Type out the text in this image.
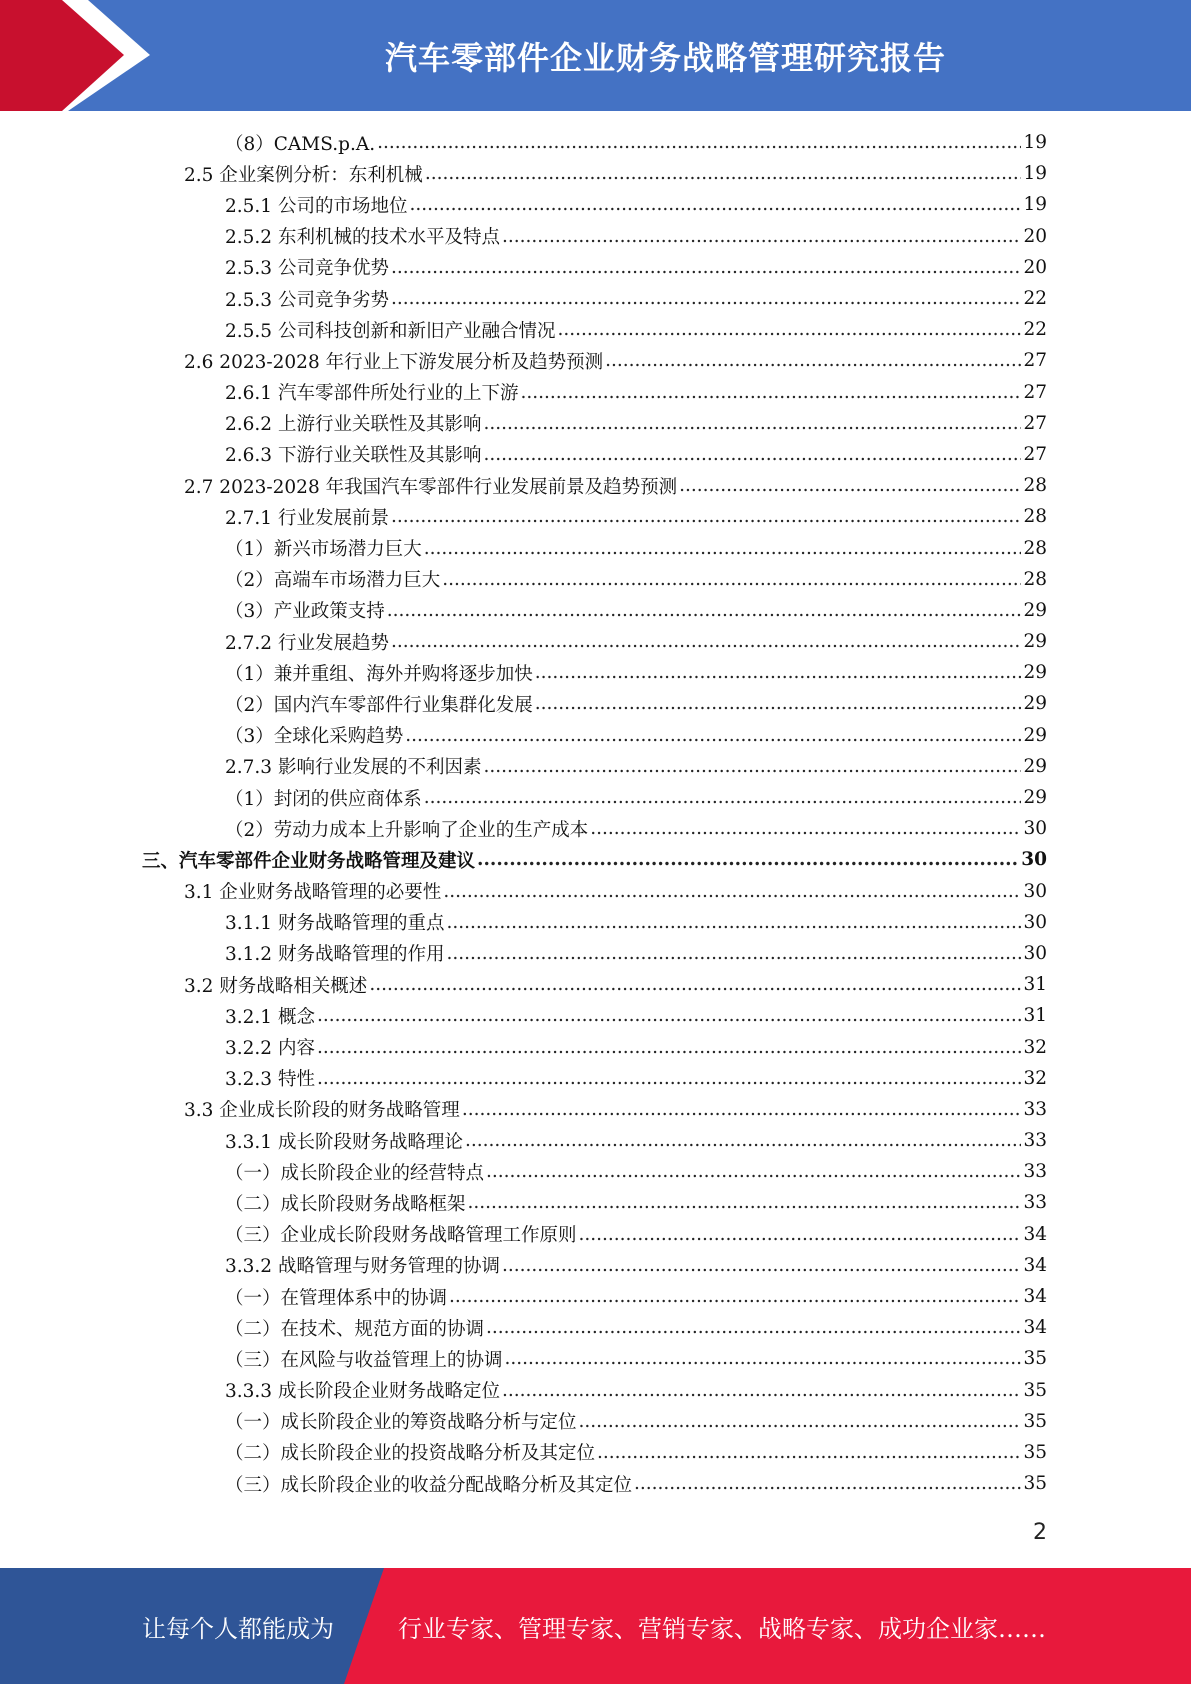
汽车零部件企业财务战略管理研究报告
（8）CAMS.p.A. .....	19
2.5 企业案例分析：东利机械 .....	19
2.5.1 公司的市场地位 .....	19
2.5.2 东利机械的技术水平及特点 .....	20
2.5.3 公司竞争优势 .....	20
2.5.3 公司竞争劣势 .....	22
2.5.5 公司科技创新和新旧产业融合情况 .....	22
2.6 2023-2028 年行业上下游发展分析及趋势预测 .....	27
2.6.1 汽车零部件所处行业的上下游 .....	27
2.6.2 上游行业关联性及其影响 .....	27
2.6.3 下游行业关联性及其影响 .....	27
2.7 2023-2028 年我国汽车零部件行业发展前景及趋势预测 .....	28
2.7.1 行业发展前景 .....	28
（1）新兴市场潜力巨大 .....	28
（2）高端车市场潜力巨大 .....	28
（3）产业政策支持 .....	29
2.7.2 行业发展趋势 .....	29
（1）兼并重组、海外并购将逐步加快 .....	29
（2）国内汽车零部件行业集群化发展 .....	29
（3）全球化采购趋势 .....	29
2.7.3 影响行业发展的不利因素 .....	29
（1）封闭的供应商体系 .....	29
（2）劳动力成本上升影响了企业的生产成本 .....	30
三、汽车零部件企业财务战略管理及建议 .....	30
3.1 企业财务战略管理的必要性 .....	30
3.1.1 财务战略管理的重点 .....	30
3.1.2 财务战略管理的作用 .....	30
3.2 财务战略相关概述 .....	31
3.2.1 概念 .....	31
3.2.2 内容 .....	32
3.2.3 特性 .....	32
3.3 企业成长阶段的财务战略管理 .....	33
3.3.1 成长阶段财务战略理论 .....	33
（一）成长阶段企业的经营特点 .....	33
（二）成长阶段财务战略框架 .....	33
（三）企业成长阶段财务战略管理工作原则 .....	34
3.3.2 战略管理与财务管理的协调 .....	34
（一）在管理体系中的协调 .....	34
（二）在技术、规范方面的协调 .....	34
（三）在风险与收益管理上的协调 .....	35
3.3.3 成长阶段企业财务战略定位 .....	35
（一）成长阶段企业的筹资战略分析与定位 .....	35
（二）成长阶段企业的投资战略分析及其定位 .....	35
（三）成长阶段企业的收益分配战略分析及其定位 .....	35
2
让每个人都能成为	行业专家、管理专家、营销专家、战略专家、成功企业家……
